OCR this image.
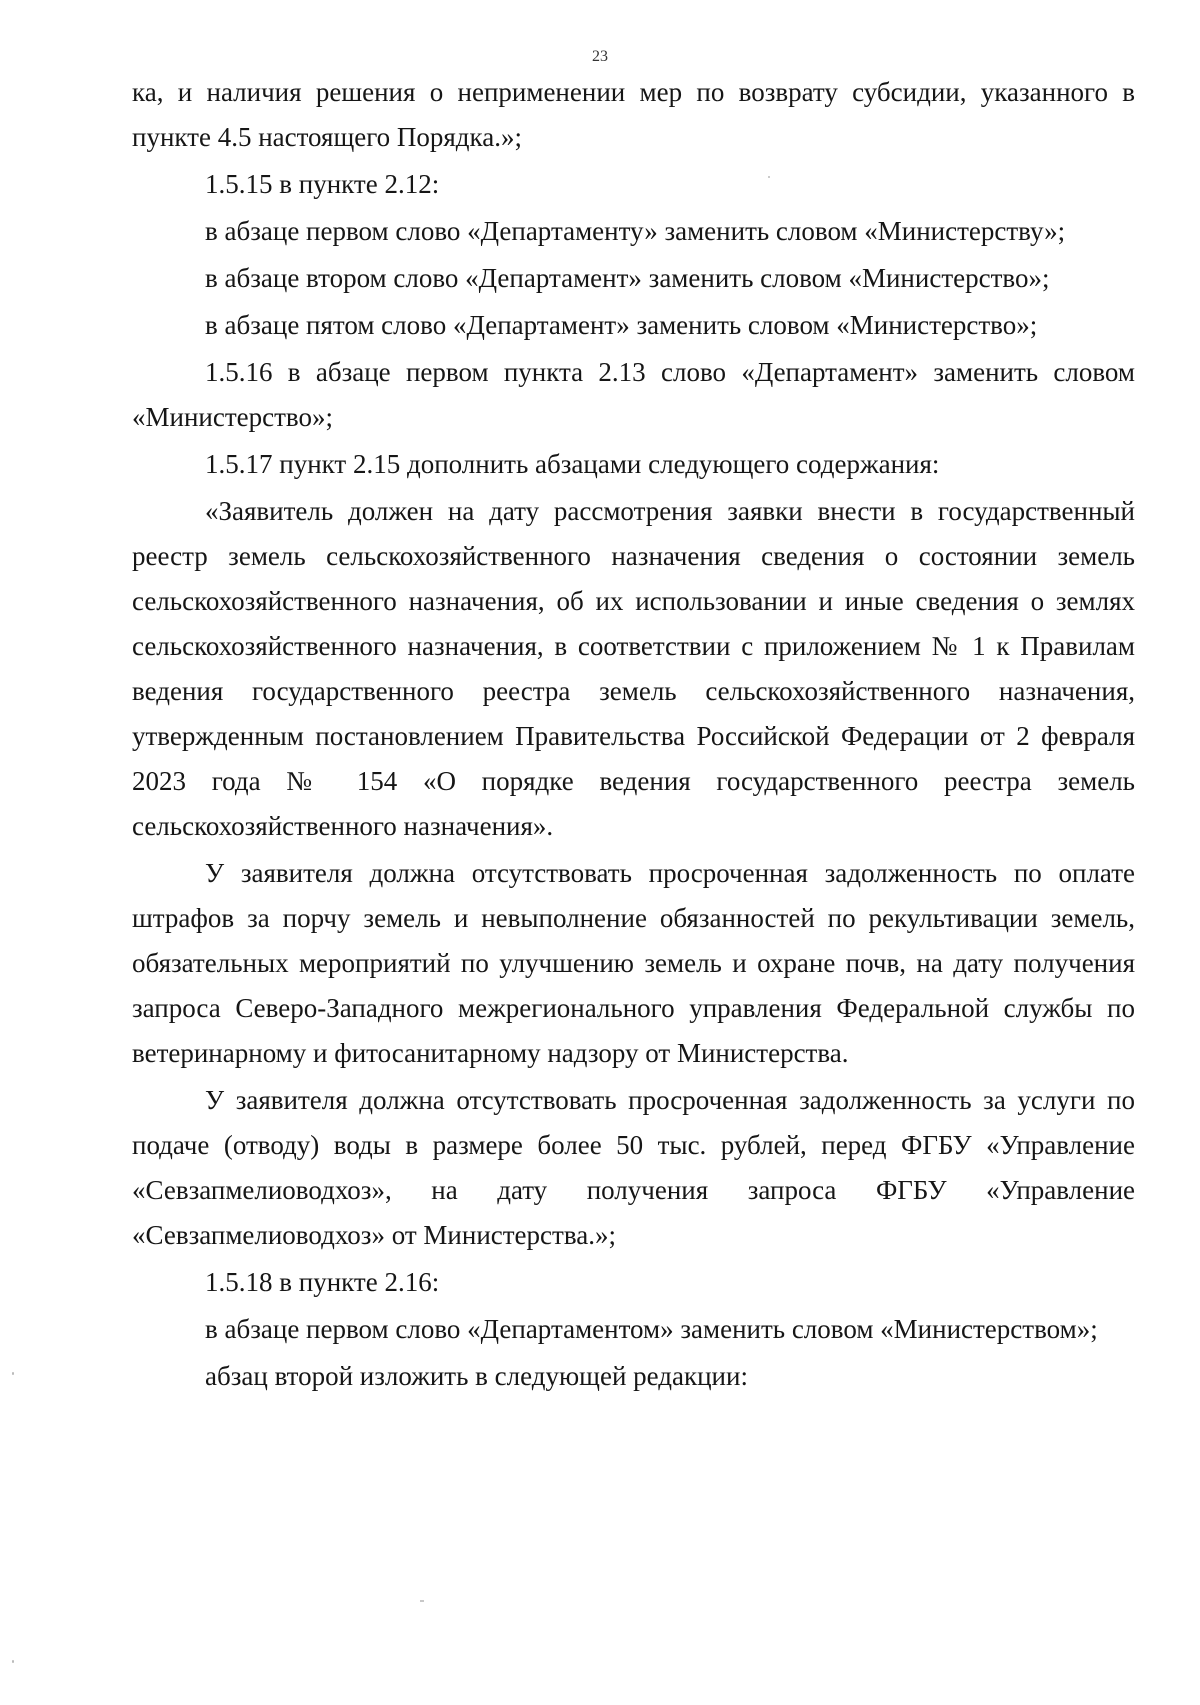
23

ка, и наличия решения о неприменении мер по возврату субсидии, указанного в пункте 4.5 настоящего Порядка.»;

1.5.15 в пункте 2.12:

в абзаце первом слово «Департаменту» заменить словом «Министерству»;

в абзаце втором слово «Департамент» заменить словом «Министерство»;

в абзаце пятом слово «Департамент» заменить словом «Министерство»;

1.5.16 в абзаце первом пункта 2.13 слово «Департамент» заменить словом «Министерство»;

1.5.17 пункт 2.15 дополнить абзацами следующего содержания:

«Заявитель должен на дату рассмотрения заявки внести в государственный реестр земель сельскохозяйственного назначения сведения о состоянии земель сельскохозяйственного назначения, об их использовании и иные сведения о землях сельскохозяйственного назначения, в соответствии с приложением № 1 к Правилам ведения государственного реестра земель сельскохозяйственного назначения, утвержденным постановлением Правительства Российской Федерации от 2 февраля 2023 года № 154 «О порядке ведения государственного реестра земель сельскохозяйственного назначения».

У заявителя должна отсутствовать просроченная задолженность по оплате штрафов за порчу земель и невыполнение обязанностей по рекультивации земель, обязательных мероприятий по улучшению земель и охране почв, на дату получения запроса Северо-Западного межрегионального управления Федеральной службы по ветеринарному и фитосанитарному надзору от Министерства.

У заявителя должна отсутствовать просроченная задолженность за услуги по подаче (отводу) воды в размере более 50 тыс. рублей, перед ФГБУ «Управление «Севзапмелиоводхоз», на дату получения запроса ФГБУ «Управление «Севзапмелиоводхоз» от Министерства.»;

1.5.18 в пункте 2.16:

в абзаце первом слово «Департаментом» заменить словом «Министерством»;

абзац второй изложить в следующей редакции:
